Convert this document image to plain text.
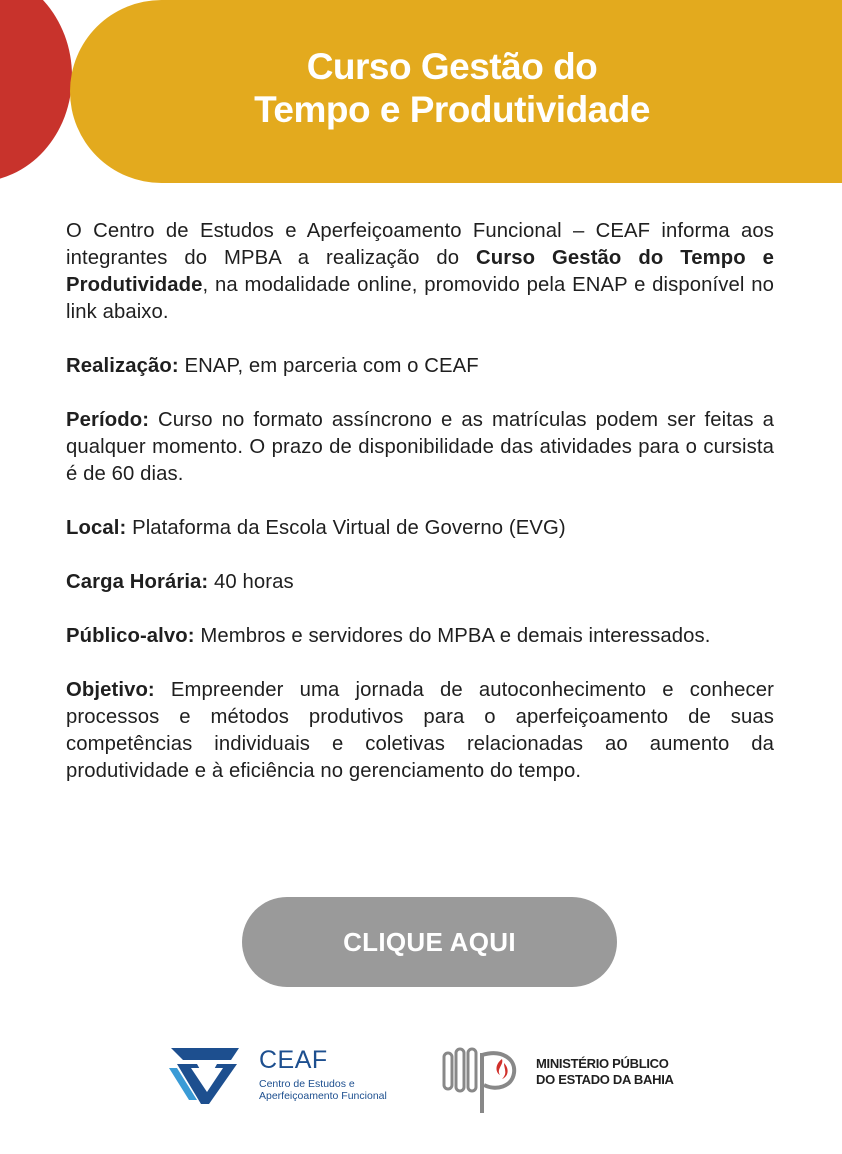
Curso Gestão do
Tempo e Produtividade

O Centro de Estudos e Aperfeiçoamento Funcional – CEAF informa aos integrantes do MPBA a realização do Curso Gestão do Tempo e Produtividade, na modalidade online, promovido pela ENAP e disponível no link abaixo.

Realização: ENAP, em parceria com o CEAF

Período: Curso no formato assíncrono e as matrículas podem ser feitas a qualquer momento. O prazo de disponibilidade das atividades para o cursista é de 60 dias.

Local: Plataforma da Escola Virtual de Governo (EVG)

Carga Horária: 40 horas

Público-alvo: Membros e servidores do MPBA e demais interessados.

Objetivo: Empreender uma jornada de autoconhecimento e conhecer processos e métodos produtivos para o aperfeiçoamento de suas competências individuais e coletivas relacionadas ao aumento da produtividade e à eficiência no gerenciamento do tempo.

CLIQUE AQUI
CEAF
Centro de Estudos e
Aperfeiçoamento Funcional
MINISTÉRIO PÚBLICO
DO ESTADO DA BAHIA
